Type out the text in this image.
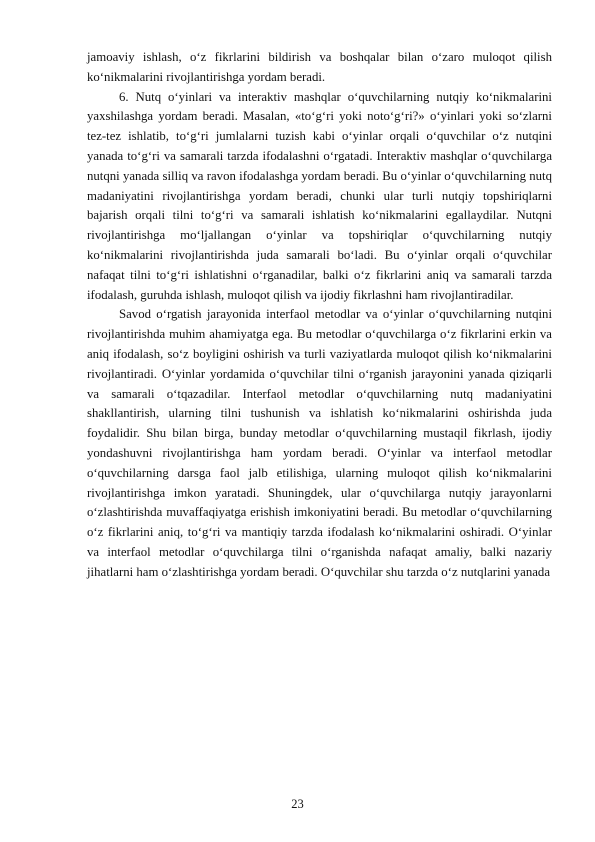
jamoaviy ishlash, o‘z fikrlarini bildirish va boshqalar bilan o‘zaro muloqot qilish ko‘nikmalarini rivojlantirishga yordam beradi.

6. Nutq o‘yinlari va interaktiv mashqlar o‘quvchilarning nutqiy ko‘nikmalarini yaxshilashga yordam beradi. Masalan, «to‘g‘ri yoki noto‘g‘ri?» o‘yinlari yoki so‘zlarni tez-tez ishlatib, to‘g‘ri jumlalarni tuzish kabi o‘yinlar orqali o‘quvchilar o‘z nutqini yanada to‘g‘ri va samarali tarzda ifodalashni o‘rgatadi. Interaktiv mashqlar o‘quvchilarga nutqni yanada silliq va ravon ifodalashga yordam beradi. Bu o‘yinlar o‘quvchilarning nutq madaniyatini rivojlantirishga yordam beradi, chunki ular turli nutqiy topshiriqlarni bajarish orqali tilni to‘g‘ri va samarali ishlatish ko‘nikmalarini egallaydilar. Nutqni rivojlantirishga mo‘ljallangan o‘yinlar va topshiriqlar o‘quvchilarning nutqiy ko‘nikmalarini rivojlantirishda juda samarali bo‘ladi. Bu o‘yinlar orqali o‘quvchilar nafaqat tilni to‘g‘ri ishlatishni o‘rganadilar, balki o‘z fikrlarini aniq va samarali tarzda ifodalash, guruhda ishlash, muloqot qilish va ijodiy fikrlashni ham rivojlantiradilar.

Savod o‘rgatish jarayonida interfaol metodlar va o‘yinlar o‘quvchilarning nutqini rivojlantirishda muhim ahamiyatga ega. Bu metodlar o‘quvchilarga o‘z fikrlarini erkin va aniq ifodalash, so‘z boyligini oshirish va turli vaziyatlarda muloqot qilish ko‘nikmalarini rivojlantiradi. O‘yinlar yordamida o‘quvchilar tilni o‘rganish jarayonini yanada qiziqarli va samarali o‘tqazadilar. Interfaol metodlar o‘quvchilarning nutq madaniyatini shakllantirish, ularning tilni tushunish va ishlatish ko‘nikmalarini oshirishda juda foydalidir. Shu bilan birga, bunday metodlar o‘quvchilarning mustaqil fikrlash, ijodiy yondashuvni rivojlantirishga ham yordam beradi. O‘yinlar va interfaol metodlar o‘quvchilarning darsga faol jalb etilishiga, ularning muloqot qilish ko‘nikmalarini rivojlantirishga imkon yaratadi. Shuningdek, ular o‘quvchilarga nutqiy jarayonlarni o‘zlashtirishda muvaffaqiyatga erishish imkoniyatini beradi. Bu metodlar o‘quvchilarning o‘z fikrlarini aniq, to‘g‘ri va mantiqiy tarzda ifodalash ko‘nikmalarini oshiradi. O‘yinlar va interfaol metodlar o‘quvchilarga tilni o‘rganishda nafaqat amaliy, balki nazariy jihatlarni ham o‘zlashtirishga yordam beradi. O‘quvchilar shu tarzda o‘z nutqlarini yanada

23
